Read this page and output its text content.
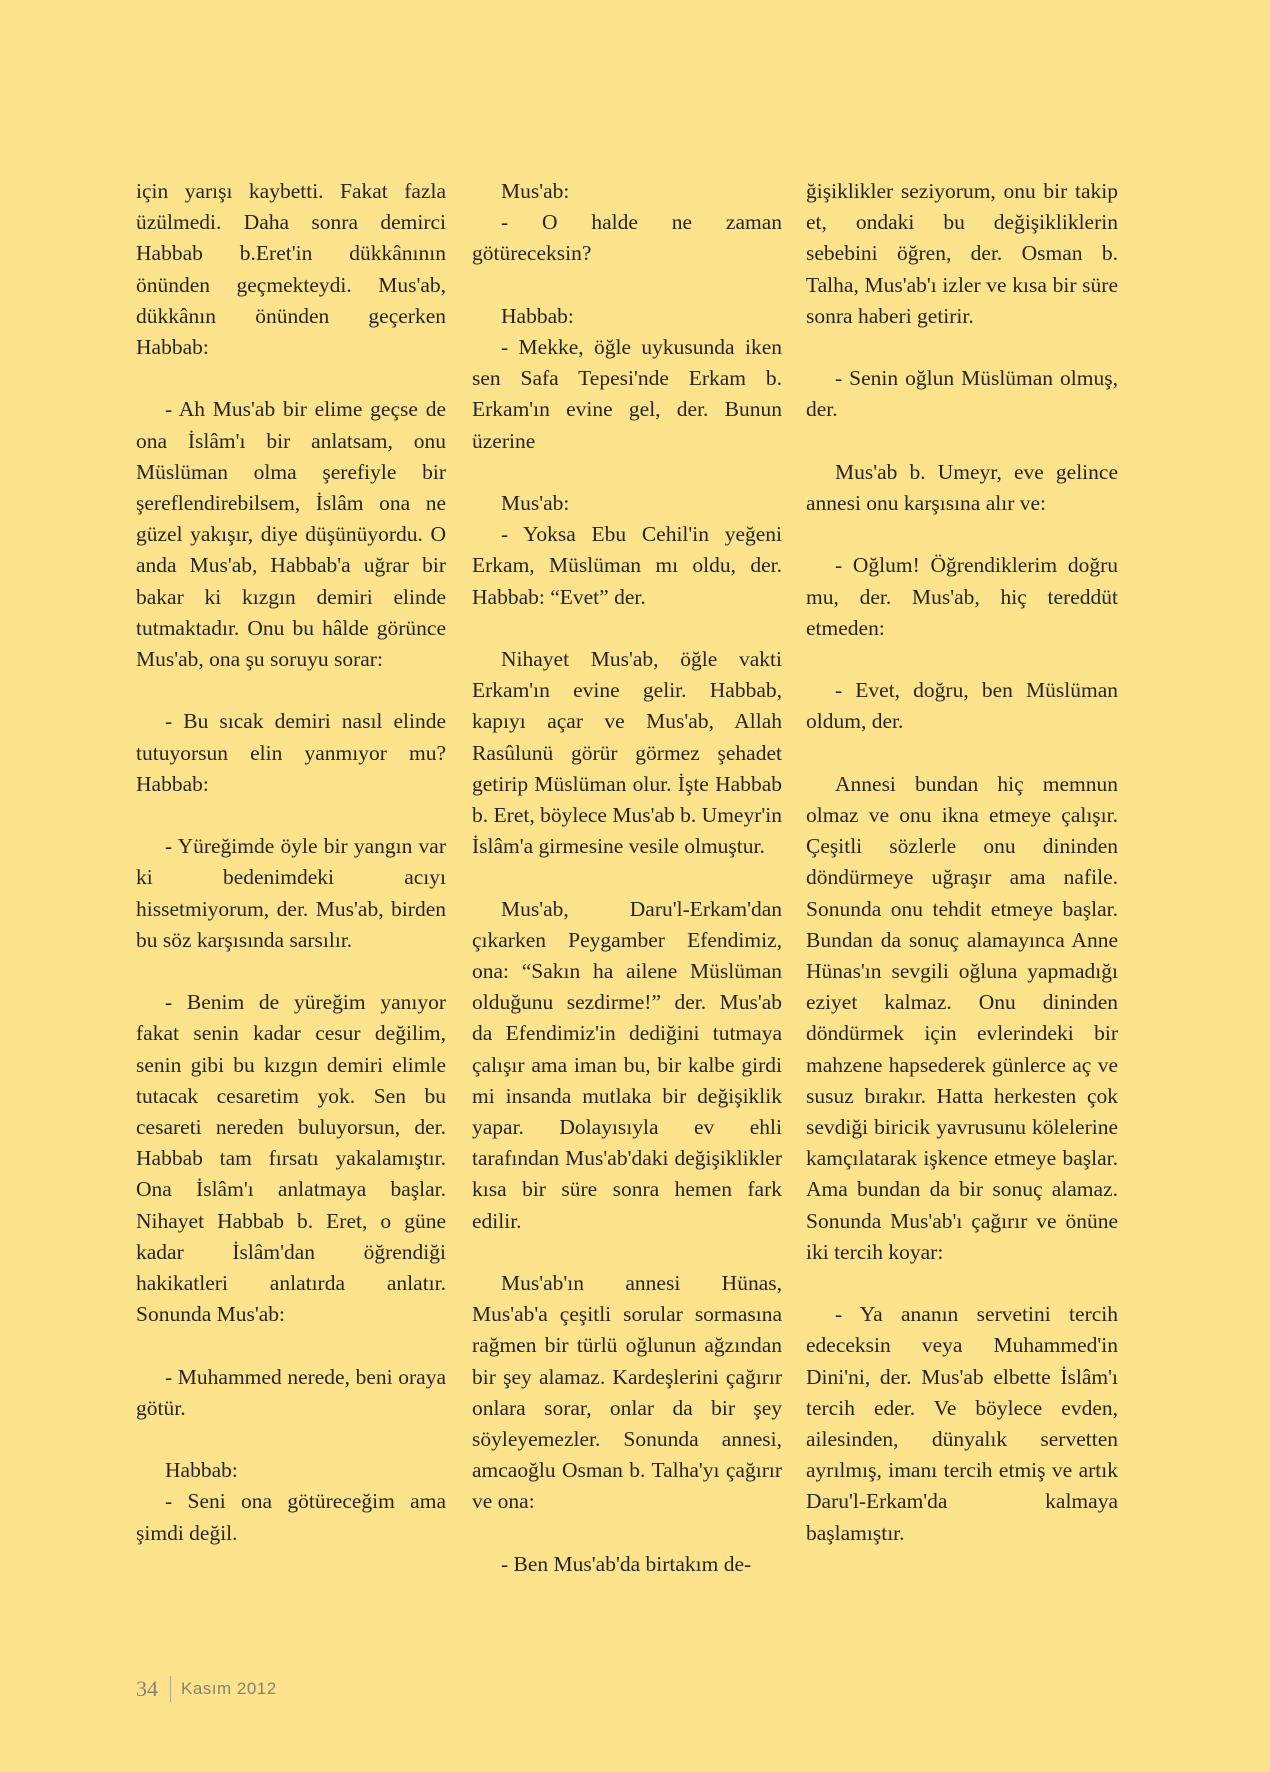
için yarışı kaybetti. Fakat fazla üzülmedi. Daha sonra demirci Habbab b.Eret'in dükkânının önünden geçmekteydi. Mus'ab, dükkânın önünden geçerken Habbab:

- Ah Mus'ab bir elime geçse de ona İslâm'ı bir anlatsam, onu Müslüman olma şerefiyle bir şereflendirebilsem, İslâm ona ne güzel yakışır, diye düşünüyordu. O anda Mus'ab, Habbab'a uğrar bir bakar ki kızgın demiri elinde tutmaktadır. Onu bu hâlde görünce Mus'ab, ona şu soruyu sorar:

- Bu sıcak demiri nasıl elinde tutuyorsun elin yanmıyor mu? Habbab:

- Yüreğimde öyle bir yangın var ki bedenimdeki acıyı hissetmiyorum, der. Mus'ab, birden bu söz karşısında sarsılır.

- Benim de yüreğim yanıyor fakat senin kadar cesur değilim, senin gibi bu kızgın demiri elimle tutacak cesaretim yok. Sen bu cesareti nereden buluyorsun, der. Habbab tam fırsatı yakalamıştır. Ona İslâm'ı anlatmaya başlar. Nihayet Habbab b. Eret, o güne kadar İslâm'dan öğrendiği hakikatleri anlatırda anlatır. Sonunda Mus'ab:

- Muhammed nerede, beni oraya götür.

Habbab:

- Seni ona götüreceğim ama şimdi değil.

Mus'ab:

- O halde ne zaman götüreceksin?

Habbab:

- Mekke, öğle uykusunda iken sen Safa Tepesi'nde Erkam b. Erkam'ın evine gel, der. Bunun üzerine

Mus'ab:

- Yoksa Ebu Cehil'in yeğeni Erkam, Müslüman mı oldu, der. Habbab: “Evet” der.

Nihayet Mus'ab, öğle vakti Erkam'ın evine gelir. Habbab, kapıyı açar ve Mus'ab, Allah Rasûlunü görür görmez şehadet getirip Müslüman olur. İşte Habbab b. Eret, böylece Mus'ab b. Umeyr'in İslâm'a girmesine vesile olmuştur.

Mus'ab, Daru'l-Erkam'dan çıkarken Peygamber Efendimiz, ona: “Sakın ha ailene Müslüman olduğunu sezdirme!” der. Mus'ab da Efendimiz'in dediğini tutmaya çalışır ama iman bu, bir kalbe girdi mi insanda mutlaka bir değişiklik yapar. Dolayısıyla ev ehli tarafından Mus'ab'daki değişiklikler kısa bir süre sonra hemen fark edilir.

Mus'ab'ın annesi Hünas, Mus'ab'a çeşitli sorular sormasına rağmen bir türlü oğlunun ağzından bir şey alamaz. Kardeşlerini çağırır onlara sorar, onlar da bir şey söyleyemezler. Sonunda annesi, amcaoğlu Osman b. Talha'yı çağırır ve ona:

- Ben Mus'ab'da birtakım de-

ğişiklikler seziyorum, onu bir takip et, ondaki bu değişikliklerin sebebini öğren, der. Osman b. Talha, Mus'ab'ı izler ve kısa bir süre sonra haberi getirir.

- Senin oğlun Müslüman olmuş, der.

Mus'ab b. Umeyr, eve gelince annesi onu karşısına alır ve:

- Oğlum! Öğrendiklerim doğru mu, der. Mus'ab, hiç tereddüt etmeden:

- Evet, doğru, ben Müslüman oldum, der.

Annesi bundan hiç memnun olmaz ve onu ikna etmeye çalışır. Çeşitli sözlerle onu dininden döndürmeye uğraşır ama nafile. Sonunda onu tehdit etmeye başlar. Bundan da sonuç alamayınca Anne Hünas'ın sevgili oğluna yapmadığı eziyet kalmaz. Onu dininden döndürmek için evlerindeki bir mahzene hapsederek günlerce aç ve susuz bırakır. Hatta herkesten çok sevdiği biricik yavrusunu kölelerine kamçılatarak işkence etmeye başlar. Ama bundan da bir sonuç alamaz. Sonunda Mus'ab'ı çağırır ve önüne iki tercih koyar:

- Ya ananın servetini tercih edeceksin veya Muhammed'in Dini'ni, der. Mus'ab elbette İslâm'ı tercih eder. Ve böylece evden, ailesinden, dünyalık servetten ayrılmış, imanı tercih etmiş ve artık Daru'l-Erkam'da kalmaya başlamıştır.

34 Kasım 2012
